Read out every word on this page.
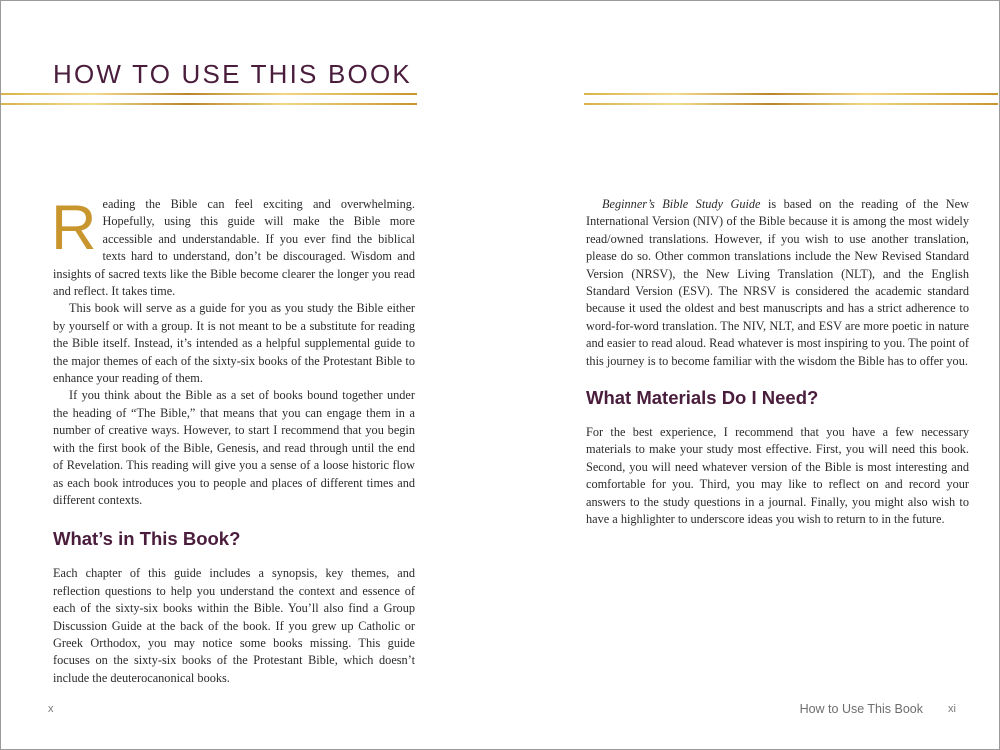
HOW TO USE THIS BOOK

Reading the Bible can feel exciting and overwhelming. Hopefully, using this guide will make the Bible more accessible and understandable. If you ever find the biblical texts hard to understand, don’t be discouraged. Wisdom and insights of sacred texts like the Bible become clearer the longer you read and reflect. It takes time.

This book will serve as a guide for you as you study the Bible either by yourself or with a group. It is not meant to be a substitute for reading the Bible itself. Instead, it’s intended as a helpful supplemental guide to the major themes of each of the sixty-six books of the Protestant Bible to enhance your reading of them.

If you think about the Bible as a set of books bound together under the heading of “The Bible,” that means that you can engage them in a number of creative ways. However, to start I recommend that you begin with the first book of the Bible, Genesis, and read through until the end of Revelation. This reading will give you a sense of a loose historic flow as each book introduces you to people and places of different times and different contexts.

What’s in This Book?

Each chapter of this guide includes a synopsis, key themes, and reflection questions to help you understand the context and essence of each of the sixty-six books within the Bible. You’ll also find a Group Discussion Guide at the back of the book. If you grew up Catholic or Greek Orthodox, you may notice some books missing. This guide focuses on the sixty-six books of the Protestant Bible, which doesn’t include the deuterocanonical books.

Beginner’s Bible Study Guide is based on the reading of the New International Version (NIV) of the Bible because it is among the most widely read/owned translations. However, if you wish to use another translation, please do so. Other common translations include the New Revised Standard Version (NRSV), the New Living Translation (NLT), and the English Standard Version (ESV). The NRSV is considered the academic standard because it used the oldest and best manuscripts and has a strict adherence to word-for-word translation. The NIV, NLT, and ESV are more poetic in nature and easier to read aloud. Read whatever is most inspiring to you. The point of this journey is to become familiar with the wisdom the Bible has to offer you.

What Materials Do I Need?

For the best experience, I recommend that you have a few necessary materials to make your study most effective. First, you will need this book. Second, you will need whatever version of the Bible is most interesting and comfortable for you. Third, you may like to reflect on and record your answers to the study questions in a journal. Finally, you might also wish to have a highlighter to underscore ideas you wish to return to in the future.

x	How to Use This Book xi
